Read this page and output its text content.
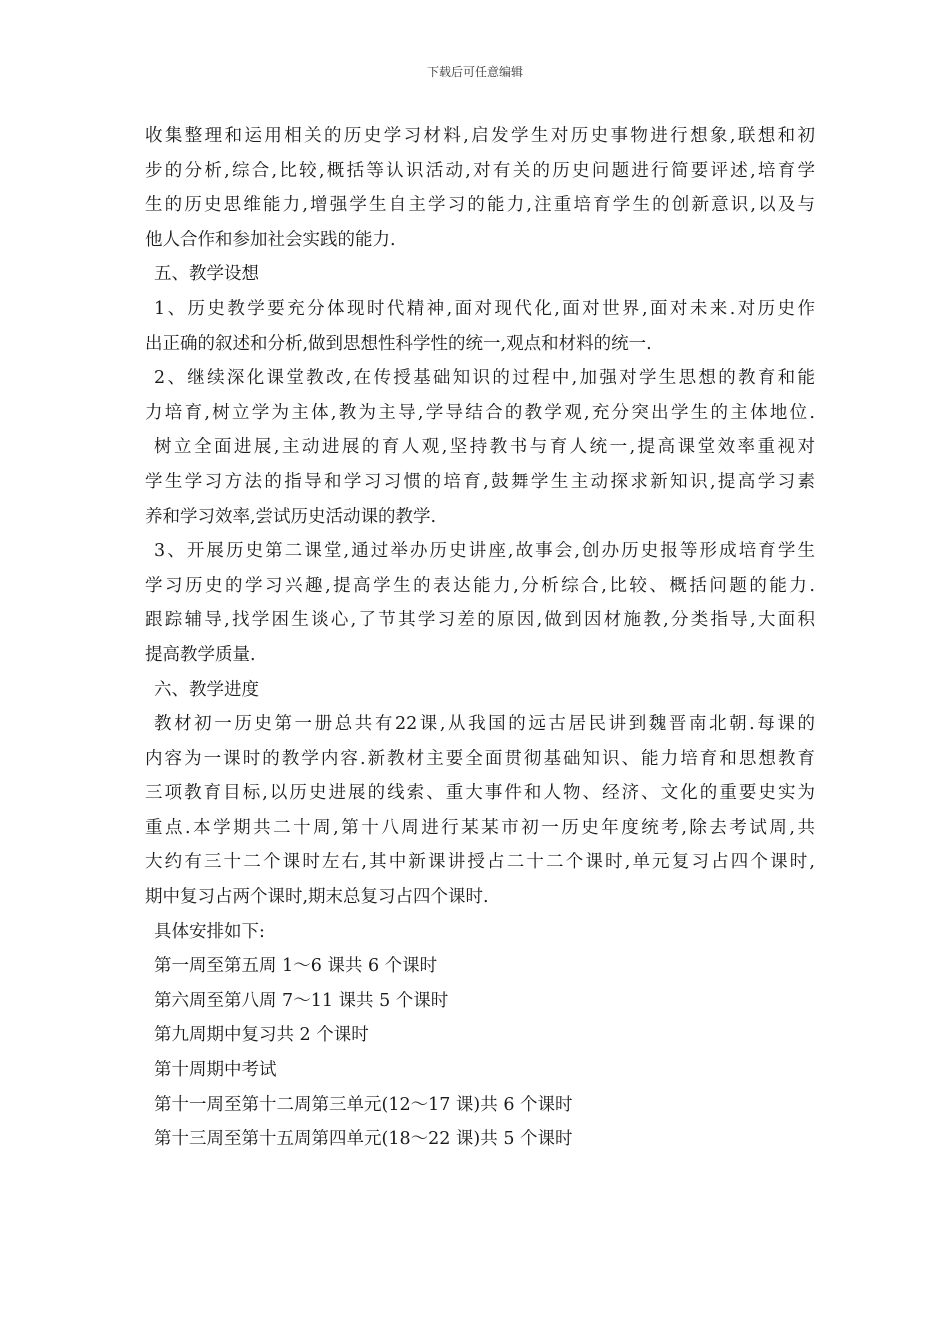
下载后可任意编辑
收集整理和运用相关的历史学习材料,启发学生对历史事物进行想象,联想和初
步的分析,综合,比较,概括等认识活动,对有关的历史问题进行简要评述,培育学
生的历史思维能力,增强学生自主学习的能力,注重培育学生的创新意识,以及与
他人合作和参加社会实践的能力.
五、教学设想
1、历史教学要充分体现时代精神,面对现代化,面对世界,面对未来.对历史作
出正确的叙述和分析,做到思想性科学性的统一,观点和材料的统一.
2、继续深化课堂教改,在传授基础知识的过程中,加强对学生思想的教育和能
力培育,树立学为主体,教为主导,学导结合的教学观,充分突出学生的主体地位.
树立全面进展,主动进展的育人观,坚持教书与育人统一,提高课堂效率重视对
学生学习方法的指导和学习习惯的培育,鼓舞学生主动探求新知识,提高学习素
养和学习效率,尝试历史活动课的教学.
3、开展历史第二课堂,通过举办历史讲座,故事会,创办历史报等形成培育学生
学习历史的学习兴趣,提高学生的表达能力,分析综合,比较、概括问题的能力.
跟踪辅导,找学困生谈心,了节其学习差的原因,做到因材施教,分类指导,大面积
提高教学质量.
六、教学进度
教材初一历史第一册总共有22课,从我国的远古居民讲到魏晋南北朝.每课的
内容为一课时的教学内容.新教材主要全面贯彻基础知识、能力培育和思想教育
三项教育目标,以历史进展的线索、重大事件和人物、经济、文化的重要史实为
重点.本学期共二十周,第十八周进行某某市初一历史年度统考,除去考试周,共
大约有三十二个课时左右,其中新课讲授占二十二个课时,单元复习占四个课时,
期中复习占两个课时,期末总复习占四个课时.
具体安排如下:
第一周至第五周 1～6 课共 6 个课时
第六周至第八周 7～11 课共 5 个课时
第九周期中复习共 2 个课时
第十周期中考试
第十一周至第十二周第三单元(12～17 课)共 6 个课时
第十三周至第十五周第四单元(18～22 课)共 5 个课时
